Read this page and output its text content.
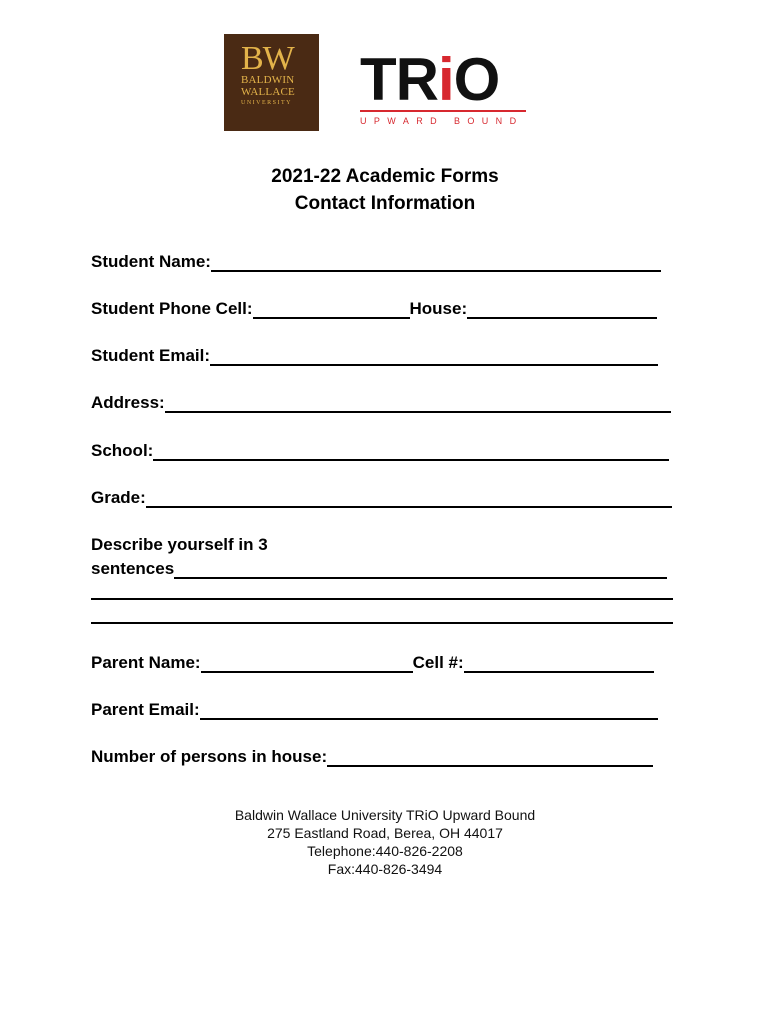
BW
BALDWIN
WALLACE
UNIVERSITY	TRiO
UPWARD BOUND
2021-22 Academic Forms
Contact Information
Student Name:
Student Phone Cell:	House:
Student Email:
Address:
School:
Grade:
Describe yourself in 3
sentences
Parent Name:	Cell #:
Parent Email:
Number of persons in house:
Baldwin Wallace University TRiO Upward Bound
275 Eastland Road, Berea, OH 44017
Telephone:440-826-2208
Fax:440-826-3494
